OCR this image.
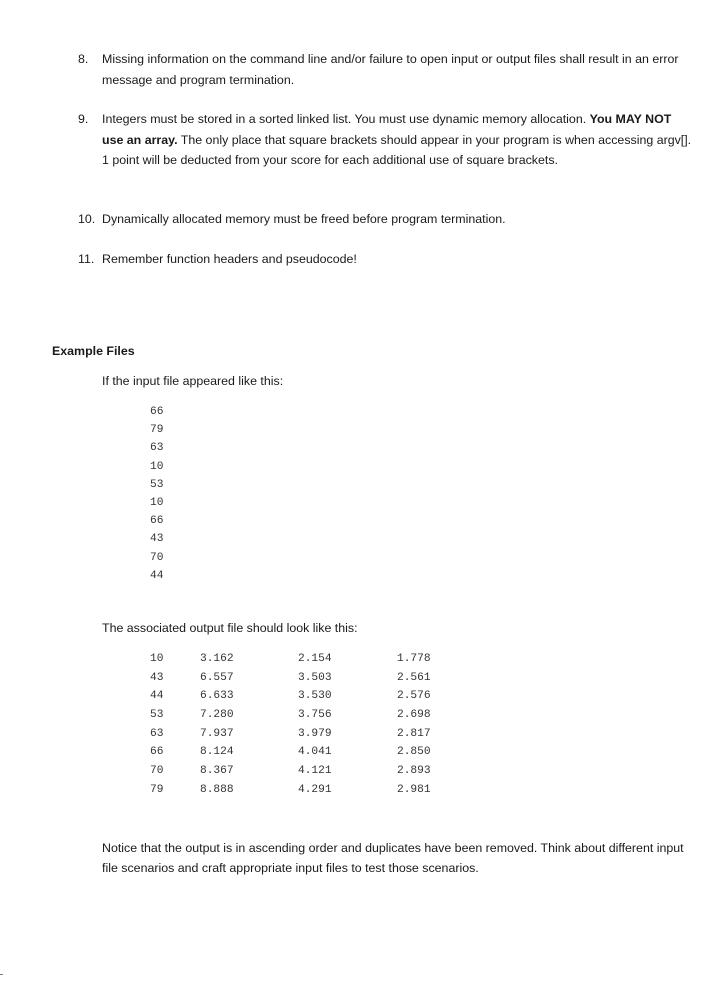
8. Missing information on the command line and/or failure to open input or output files shall result in an error message and program termination.
9. Integers must be stored in a sorted linked list. You must use dynamic memory allocation. You MAY NOT use an array. The only place that square brackets should appear in your program is when accessing argv[]. 1 point will be deducted from your score for each additional use of square brackets.
10. Dynamically allocated memory must be freed before program termination.
11. Remember function headers and pseudocode!
Example Files
If the input file appeared like this:
66
79
63
10
53
10
66
43
70
44
The associated output file should look like this:
10	3.162	2.154	1.778
43	6.557	3.503	2.561
44	6.633	3.530	2.576
53	7.280	3.756	2.698
63	7.937	3.979	2.817
66	8.124	4.041	2.850
70	8.367	4.121	2.893
79	8.888	4.291	2.981
Notice that the output is in ascending order and duplicates have been removed. Think about different input file scenarios and craft appropriate input files to test those scenarios.
